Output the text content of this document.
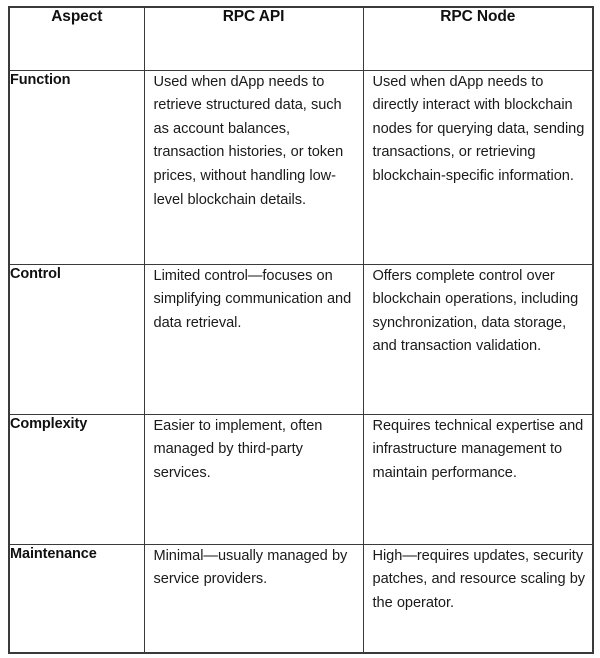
Aspect	RPC API	RPC Node
Function	Used when dApp needs to retrieve structured data, such as account balances, transaction histories, or token prices, without handling low-level blockchain details.	Used when dApp needs to directly interact with blockchain nodes for querying data, sending transactions, or retrieving blockchain-specific information.
Control	Limited control—focuses on simplifying communication and data retrieval.	Offers complete control over blockchain operations, including synchronization, data storage, and transaction validation.
Complexity	Easier to implement, often managed by third-party services.	Requires technical expertise and infrastructure management to maintain performance.
Maintenance	Minimal—usually managed by service providers.	High—requires updates, security patches, and resource scaling by the operator.
